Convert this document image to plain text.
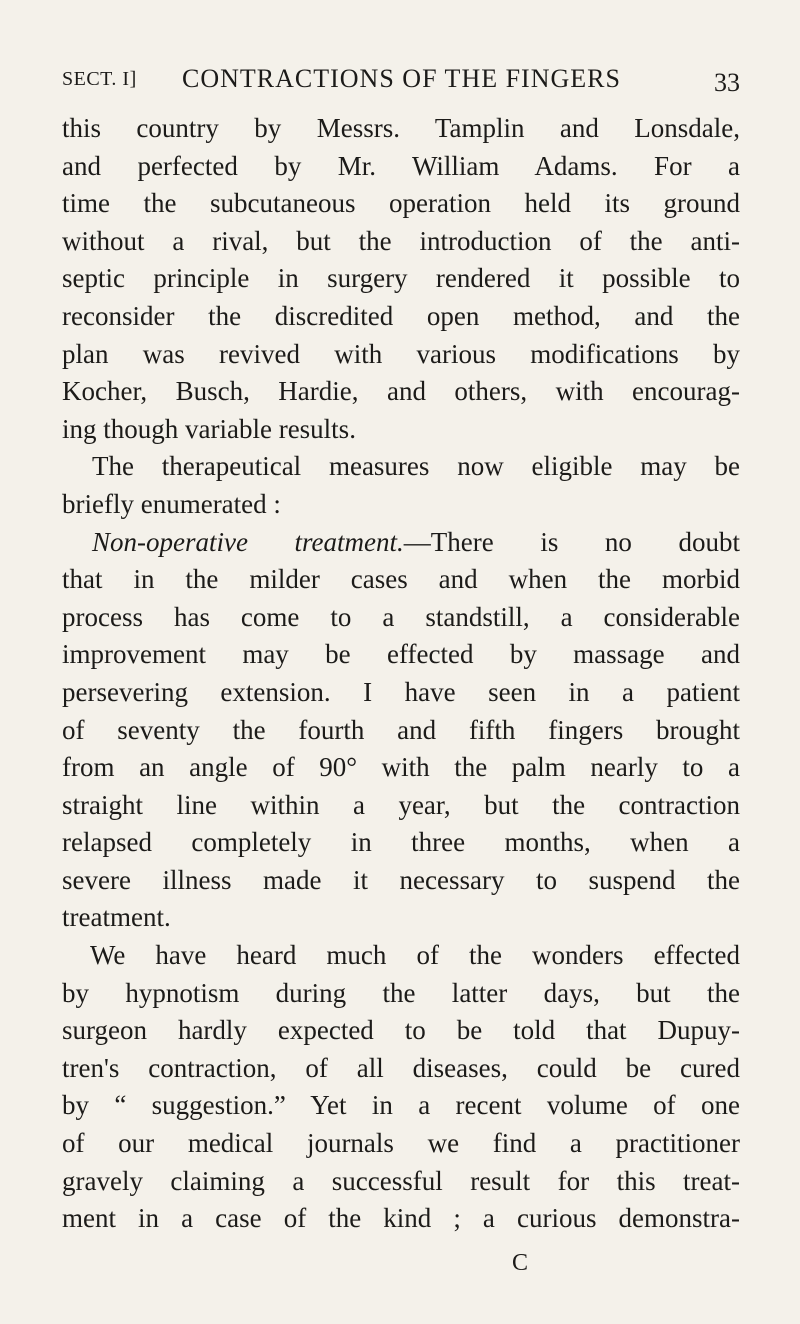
SECT. I] CONTRACTIONS OF THE FINGERS	33
this country by Messrs. Tamplin and Lonsdale,
and perfected by Mr. William Adams. For a
time the subcutaneous operation held its ground
without a rival, but the introduction of the anti-
septic principle in surgery rendered it possible to
reconsider the discredited open method, and the
plan was revived with various modifications by
Kocher, Busch, Hardie, and others, with encourag-
ing though variable results.
The therapeutical measures now eligible may be
briefly enumerated :
Non-operative treatment.—There is no doubt
that in the milder cases and when the morbid
process has come to a standstill, a considerable
improvement may be effected by massage and
persevering extension. I have seen in a patient
of seventy the fourth and fifth fingers brought
from an angle of 90° with the palm nearly to a
straight line within a year, but the contraction
relapsed completely in three months, when a
severe illness made it necessary to suspend the
treatment.
We have heard much of the wonders effected
by hypnotism during the latter days, but the
surgeon hardly expected to be told that Dupuy-
tren's contraction, of all diseases, could be cured
by “ suggestion.” Yet in a recent volume of one
of our medical journals we find a practitioner
gravely claiming a successful result for this treat-
ment in a case of the kind ; a curious demonstra-
C
